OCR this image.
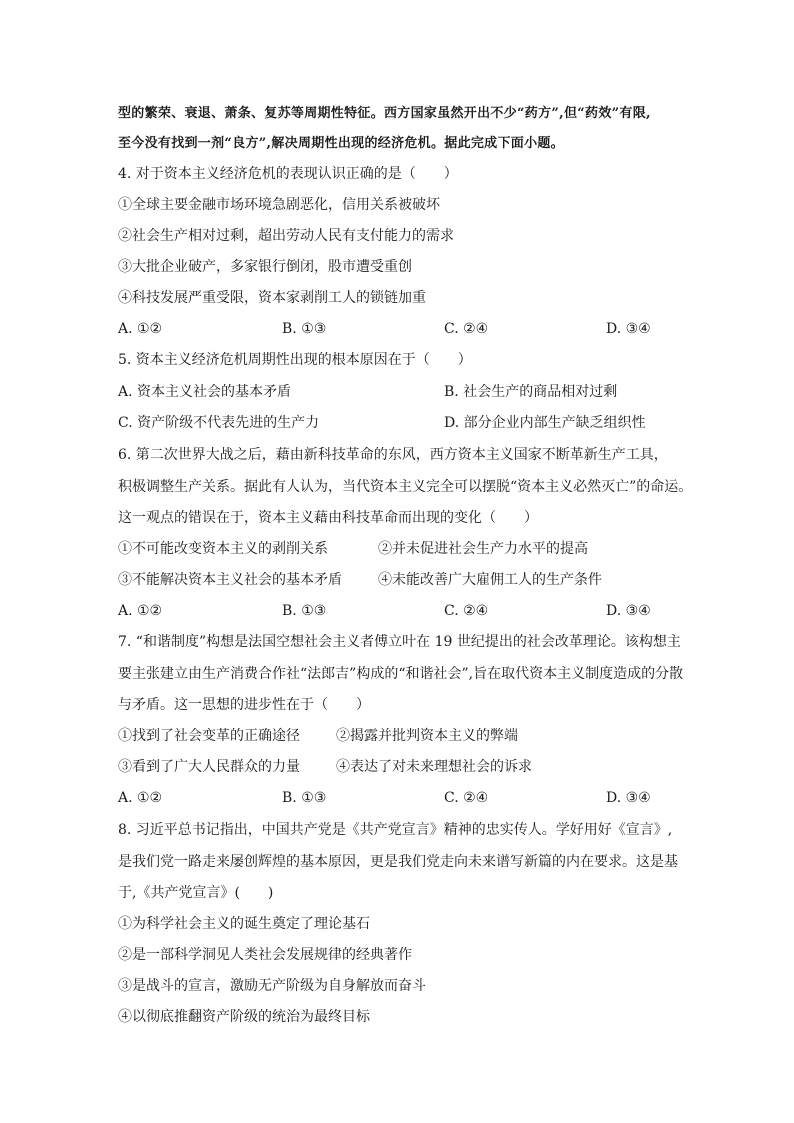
型的繁荣、衰退、萧条、复苏等周期性特征。西方国家虽然开出不少“药方”,但“药效”有限,
至今没有找到一剂“良方”,解决周期性出现的经济危机。据此完成下面小题。
4. 对于资本主义经济危机的表现认识正确的是（　　）
①全球主要金融市场环境急剧恶化，信用关系被破坏
②社会生产相对过剩，超出劳动人民有支付能力的需求
③大批企业破产，多家银行倒闭，股市遭受重创
④科技发展严重受限，资本家剥削工人的锁链加重
A. ①②	B. ①③	C. ②④	D. ③④
5. 资本主义经济危机周期性出现的根本原因在于（　　）
A. 资本主义社会的基本矛盾	B. 社会生产的商品相对过剩
C. 资产阶级不代表先进的生产力	D. 部分企业内部生产缺乏组织性
6. 第二次世界大战之后，藉由新科技革命的东风，西方资本主义国家不断革新生产工具，
积极调整生产关系。据此有人认为，当代资本主义完全可以摆脱“资本主义必然灭亡”的命运。
这一观点的错误在于，资本主义藉由科技革命而出现的变化（　　）
①不可能改变资本主义的剥削关系	②并未促进社会生产力水平的提高
③不能解决资本主义社会的基本矛盾	④未能改善广大雇佣工人的生产条件
A. ①②	B. ①③	C. ②④	D. ③④
7. “和谐制度”构想是法国空想社会主义者傅立叶在 19 世纪提出的社会改革理论。该构想主
要主张建立由生产消费合作社“法郎吉”构成的“和谐社会”,旨在取代资本主义制度造成的分散
与矛盾。这一思想的进步性在于（　　）
①找到了社会变革的正确途径	②揭露并批判资本主义的弊端
③看到了广大人民群众的力量	④表达了对未来理想社会的诉求
A. ①②	B. ①③	C. ②④	D. ③④
8. 习近平总书记指出，中国共产党是《共产党宣言》精神的忠实传人。学好用好《宣言》,
是我们党一路走来屡创辉煌的基本原因，更是我们党走向未来谱写新篇的内在要求。这是基
于,《共产党宣言》(　　)
①为科学社会主义的诞生奠定了理论基石
②是一部科学洞见人类社会发展规律的经典著作
③是战斗的宣言，激励无产阶级为自身解放而奋斗
④以彻底推翻资产阶级的统治为最终目标
